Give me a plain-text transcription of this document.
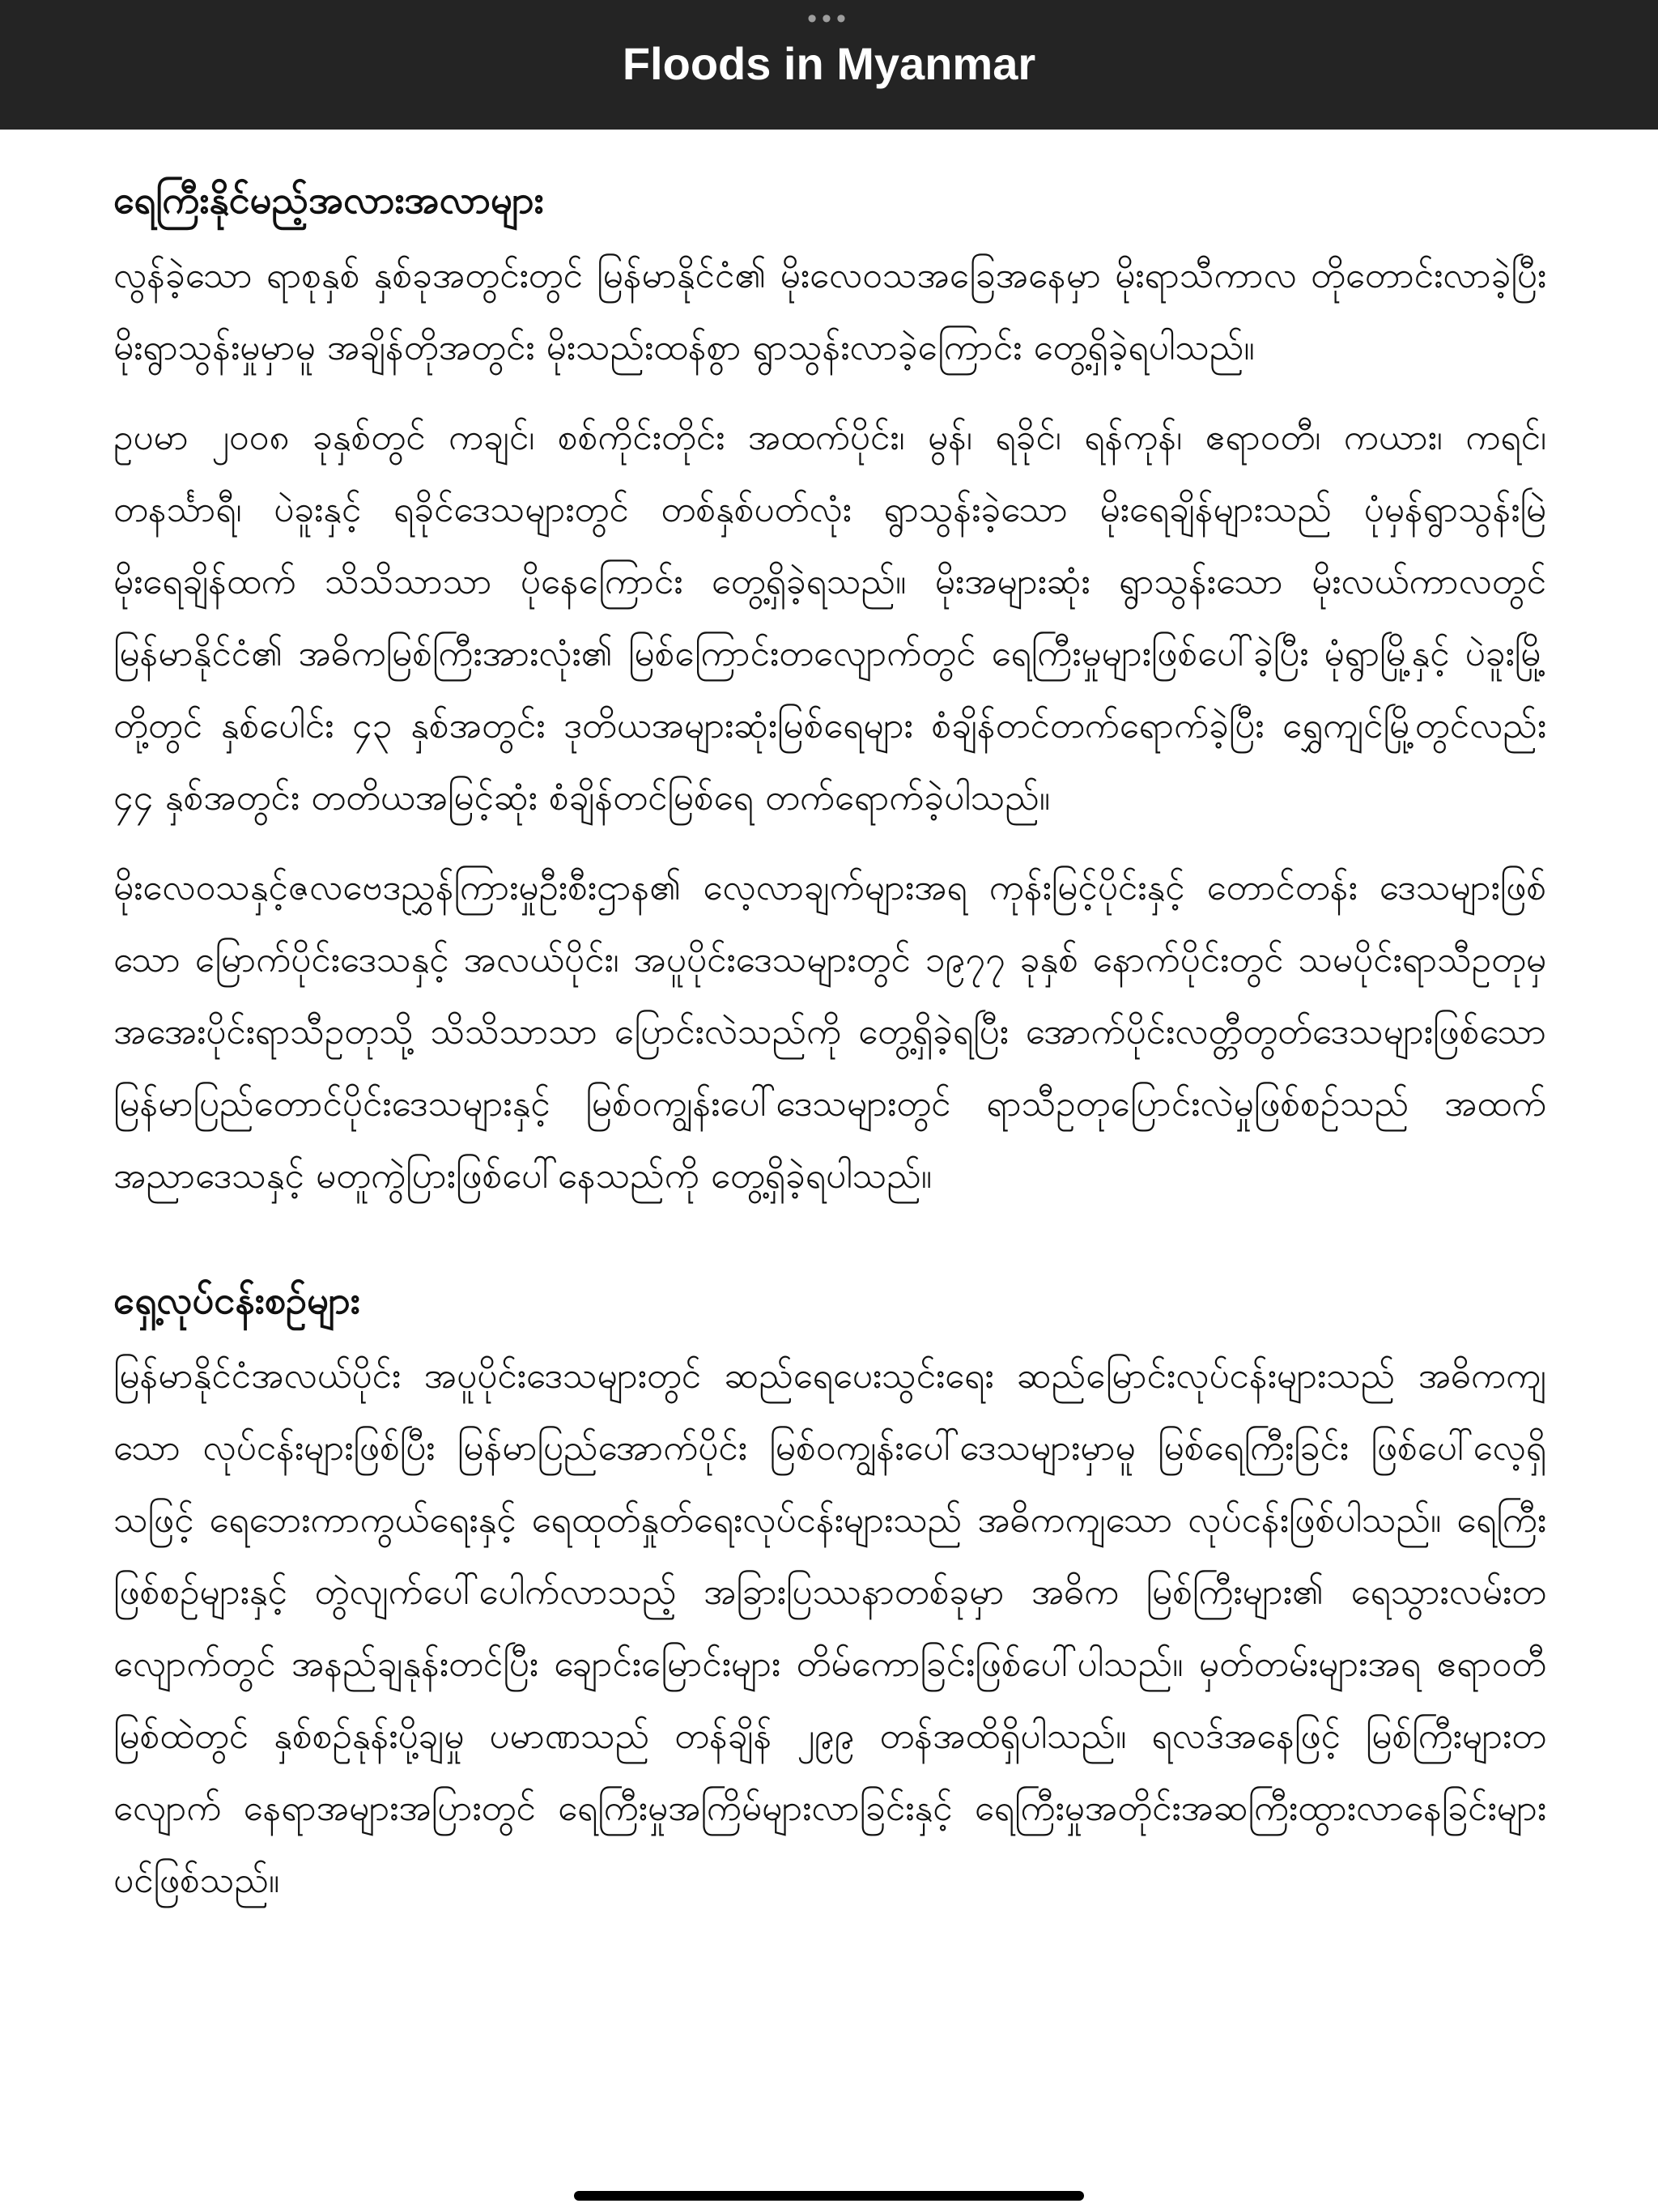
•••
Floods in Myanmar
ရေကြီးနိုင်မည့်အလားအလာများ

လွန်ခဲ့သော ရာစုနှစ် နှစ်ခုအတွင်းတွင် မြန်မာနိုင်ငံ၏ မိုးလေဝသအခြေအနေမှာ မိုးရာသီကာလ တိုတောင်းလာခဲ့ပြီး မိုးရွာသွန်းမှုမှာမူ အချိန်တိုအတွင်း မိုးသည်းထန်စွာ ရွာသွန်းလာခဲ့ကြောင်း တွေ့ရှိခဲ့ရပါသည်။

ဥပမာ ၂၀၀၈ ခုနှစ်တွင် ကချင်၊ စစ်ကိုင်းတိုင်း အထက်ပိုင်း၊ မွန်၊ ရခိုင်၊ ရန်ကုန်၊ ဧရာဝတီ၊ ကယား၊ ကရင်၊ တနင်္သာရီ၊ ပဲခူးနှင့် ရခိုင်ဒေသများတွင် တစ်နှစ်ပတ်လုံး ရွာသွန်းခဲ့သော မိုးရေချိန်များသည် ပုံမှန်ရွာသွန်းမြဲ မိုးရေချိန်ထက် သိသိသာသာ ပိုနေကြောင်း တွေ့ရှိခဲ့ရသည်။ မိုးအများဆုံး ရွာသွန်းသော မိုးလယ်ကာလတွင် မြန်မာနိုင်ငံ၏ အဓိကမြစ်ကြီးအားလုံး၏ မြစ်ကြောင်းတလျောက်တွင် ရေကြီးမှုများဖြစ်ပေါ်ခဲ့ပြီး မုံရွာမြို့နှင့် ပဲခူးမြို့တို့တွင် နှစ်ပေါင်း ၄၃ နှစ်အတွင်း ဒုတိယအများဆုံးမြစ်ရေများ စံချိန်တင်တက်ရောက်ခဲ့ပြီး ရွှေကျင်မြို့တွင်လည်း ၄၄ နှစ်အတွင်း တတိယအမြင့်ဆုံး စံချိန်တင်မြစ်ရေ တက်ရောက်ခဲ့ပါသည်။

မိုးလေဝသနှင့်ဇလဗေဒညွှန်ကြားမှုဦးစီးဌာန၏ လေ့လာချက်များအရ ကုန်းမြင့်ပိုင်းနှင့် တောင်တန်း ဒေသများဖြစ်သော မြောက်ပိုင်းဒေသနှင့် အလယ်ပိုင်း၊ အပူပိုင်းဒေသများတွင် ၁၉၇၇ ခုနှစ် နောက်ပိုင်းတွင် သမပိုင်းရာသီဥတုမှ အအေးပိုင်းရာသီဥတုသို့ သိသိသာသာ ပြောင်းလဲသည်ကို တွေ့ရှိခဲ့ရပြီး အောက်ပိုင်းလတ္တီတွတ်ဒေသများဖြစ်သော မြန်မာပြည်တောင်ပိုင်းဒေသများနှင့် မြစ်ဝကျွန်းပေါ်ဒေသများတွင် ရာသီဥတုပြောင်းလဲမှုဖြစ်စဉ်သည် အထက်အညာဒေသနှင့် မတူကွဲပြားဖြစ်ပေါ်နေသည်ကို တွေ့ရှိခဲ့ရပါသည်။

ရှေ့လုပ်ငန်းစဉ်များ

မြန်မာနိုင်ငံအလယ်ပိုင်း အပူပိုင်းဒေသများတွင် ဆည်ရေပေးသွင်းရေး ဆည်မြောင်းလုပ်ငန်းများသည် အဓိကကျသော လုပ်ငန်းများဖြစ်ပြီး မြန်မာပြည်အောက်ပိုင်း မြစ်ဝကျွန်းပေါ်ဒေသများမှာမူ မြစ်ရေကြီးခြင်း ဖြစ်ပေါ်လေ့ရှိသဖြင့် ရေဘေးကာကွယ်ရေးနှင့် ရေထုတ်နှုတ်ရေးလုပ်ငန်းများသည် အဓိကကျသော လုပ်ငန်းဖြစ်ပါသည်။ ရေကြီးဖြစ်စဉ်များနှင့် တွဲလျက်ပေါ်ပေါက်လာသည့် အခြားပြဿနာတစ်ခုမှာ အဓိက မြစ်ကြီးများ၏ ရေသွားလမ်းတလျောက်တွင် အနည်ချနုန်းတင်ပြီး ချောင်းမြောင်းများ တိမ်ကောခြင်းဖြစ်ပေါ်ပါသည်။ မှတ်တမ်းများအရ ဧရာဝတီမြစ်ထဲတွင် နှစ်စဉ်နုန်းပို့ချမှု ပမာဏသည် တန်ချိန် ၂၉၉ တန်အထိရှိပါသည်။ ရလဒ်အနေဖြင့် မြစ်ကြီးများတလျောက် နေရာအများအပြားတွင် ရေကြီးမှုအကြိမ်များလာခြင်းနှင့် ရေကြီးမှုအတိုင်းအဆကြီးထွားလာနေခြင်းများပင်ဖြစ်သည်။
